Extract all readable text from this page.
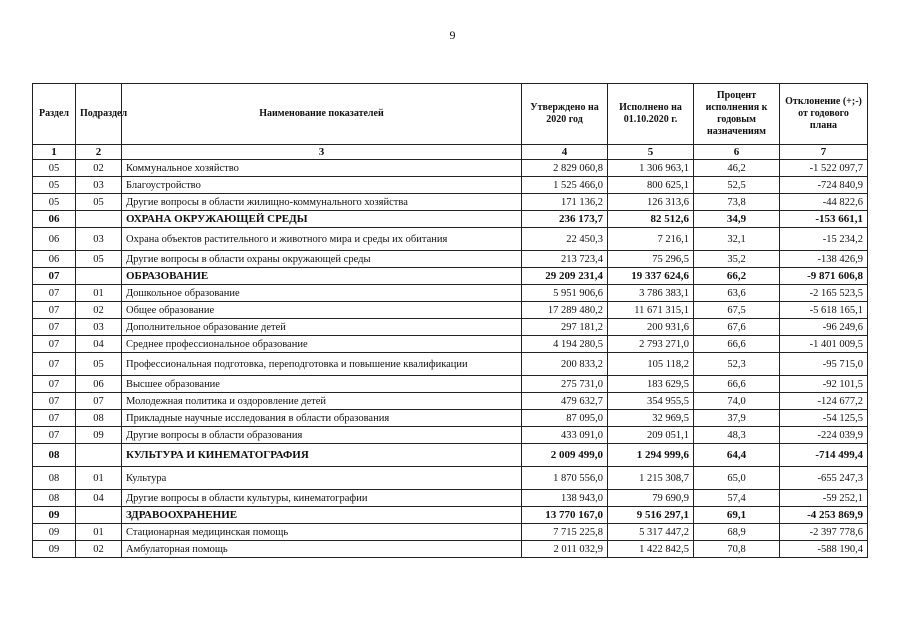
9
Раздел	Подраздел	Наименование показателей	Утверждено на 2020 год	Исполнено на 01.10.2020 г.	Процент исполнения к годовым назначениям	Отклонение (+;-) от годового плана
1	2	3	4	5	6	7
05	02	Коммунальное хозяйство	2 829 060,8	1 306 963,1	46,2	-1 522 097,7
05	03	Благоустройство	1 525 466,0	800 625,1	52,5	-724 840,9
05	05	Другие вопросы в области жилищно-коммунального хозяйства	171 136,2	126 313,6	73,8	-44 822,6
06		ОХРАНА ОКРУЖАЮЩЕЙ СРЕДЫ	236 173,7	82 512,6	34,9	-153 661,1
06	03	Охрана объектов растительного и животного мира и среды их обитания	22 450,3	7 216,1	32,1	-15 234,2
06	05	Другие вопросы в области охраны окружающей среды	213 723,4	75 296,5	35,2	-138 426,9
07		ОБРАЗОВАНИЕ	29 209 231,4	19 337 624,6	66,2	-9 871 606,8
07	01	Дошкольное образование	5 951 906,6	3 786 383,1	63,6	-2 165 523,5
07	02	Общее образование	17 289 480,2	11 671 315,1	67,5	-5 618 165,1
07	03	Дополнительное образование детей	297 181,2	200 931,6	67,6	-96 249,6
07	04	Среднее профессиональное образование	4 194 280,5	2 793 271,0	66,6	-1 401 009,5
07	05	Профессиональная подготовка, переподготовка и повышение квалификации	200 833,2	105 118,2	52,3	-95 715,0
07	06	Высшее образование	275 731,0	183 629,5	66,6	-92 101,5
07	07	Молодежная политика и оздоровление детей	479 632,7	354 955,5	74,0	-124 677,2
07	08	Прикладные научные исследования в области образования	87 095,0	32 969,5	37,9	-54 125,5
07	09	Другие вопросы в области образования	433 091,0	209 051,1	48,3	-224 039,9
08		КУЛЬТУРА И КИНЕМАТОГРАФИЯ	2 009 499,0	1 294 999,6	64,4	-714 499,4
08	01	Культура	1 870 556,0	1 215 308,7	65,0	-655 247,3
08	04	Другие вопросы в области культуры, кинематографии	138 943,0	79 690,9	57,4	-59 252,1
09		ЗДРАВООХРАНЕНИЕ	13 770 167,0	9 516 297,1	69,1	-4 253 869,9
09	01	Стационарная медицинская помощь	7 715 225,8	5 317 447,2	68,9	-2 397 778,6
09	02	Амбулаторная помощь	2 011 032,9	1 422 842,5	70,8	-588 190,4
